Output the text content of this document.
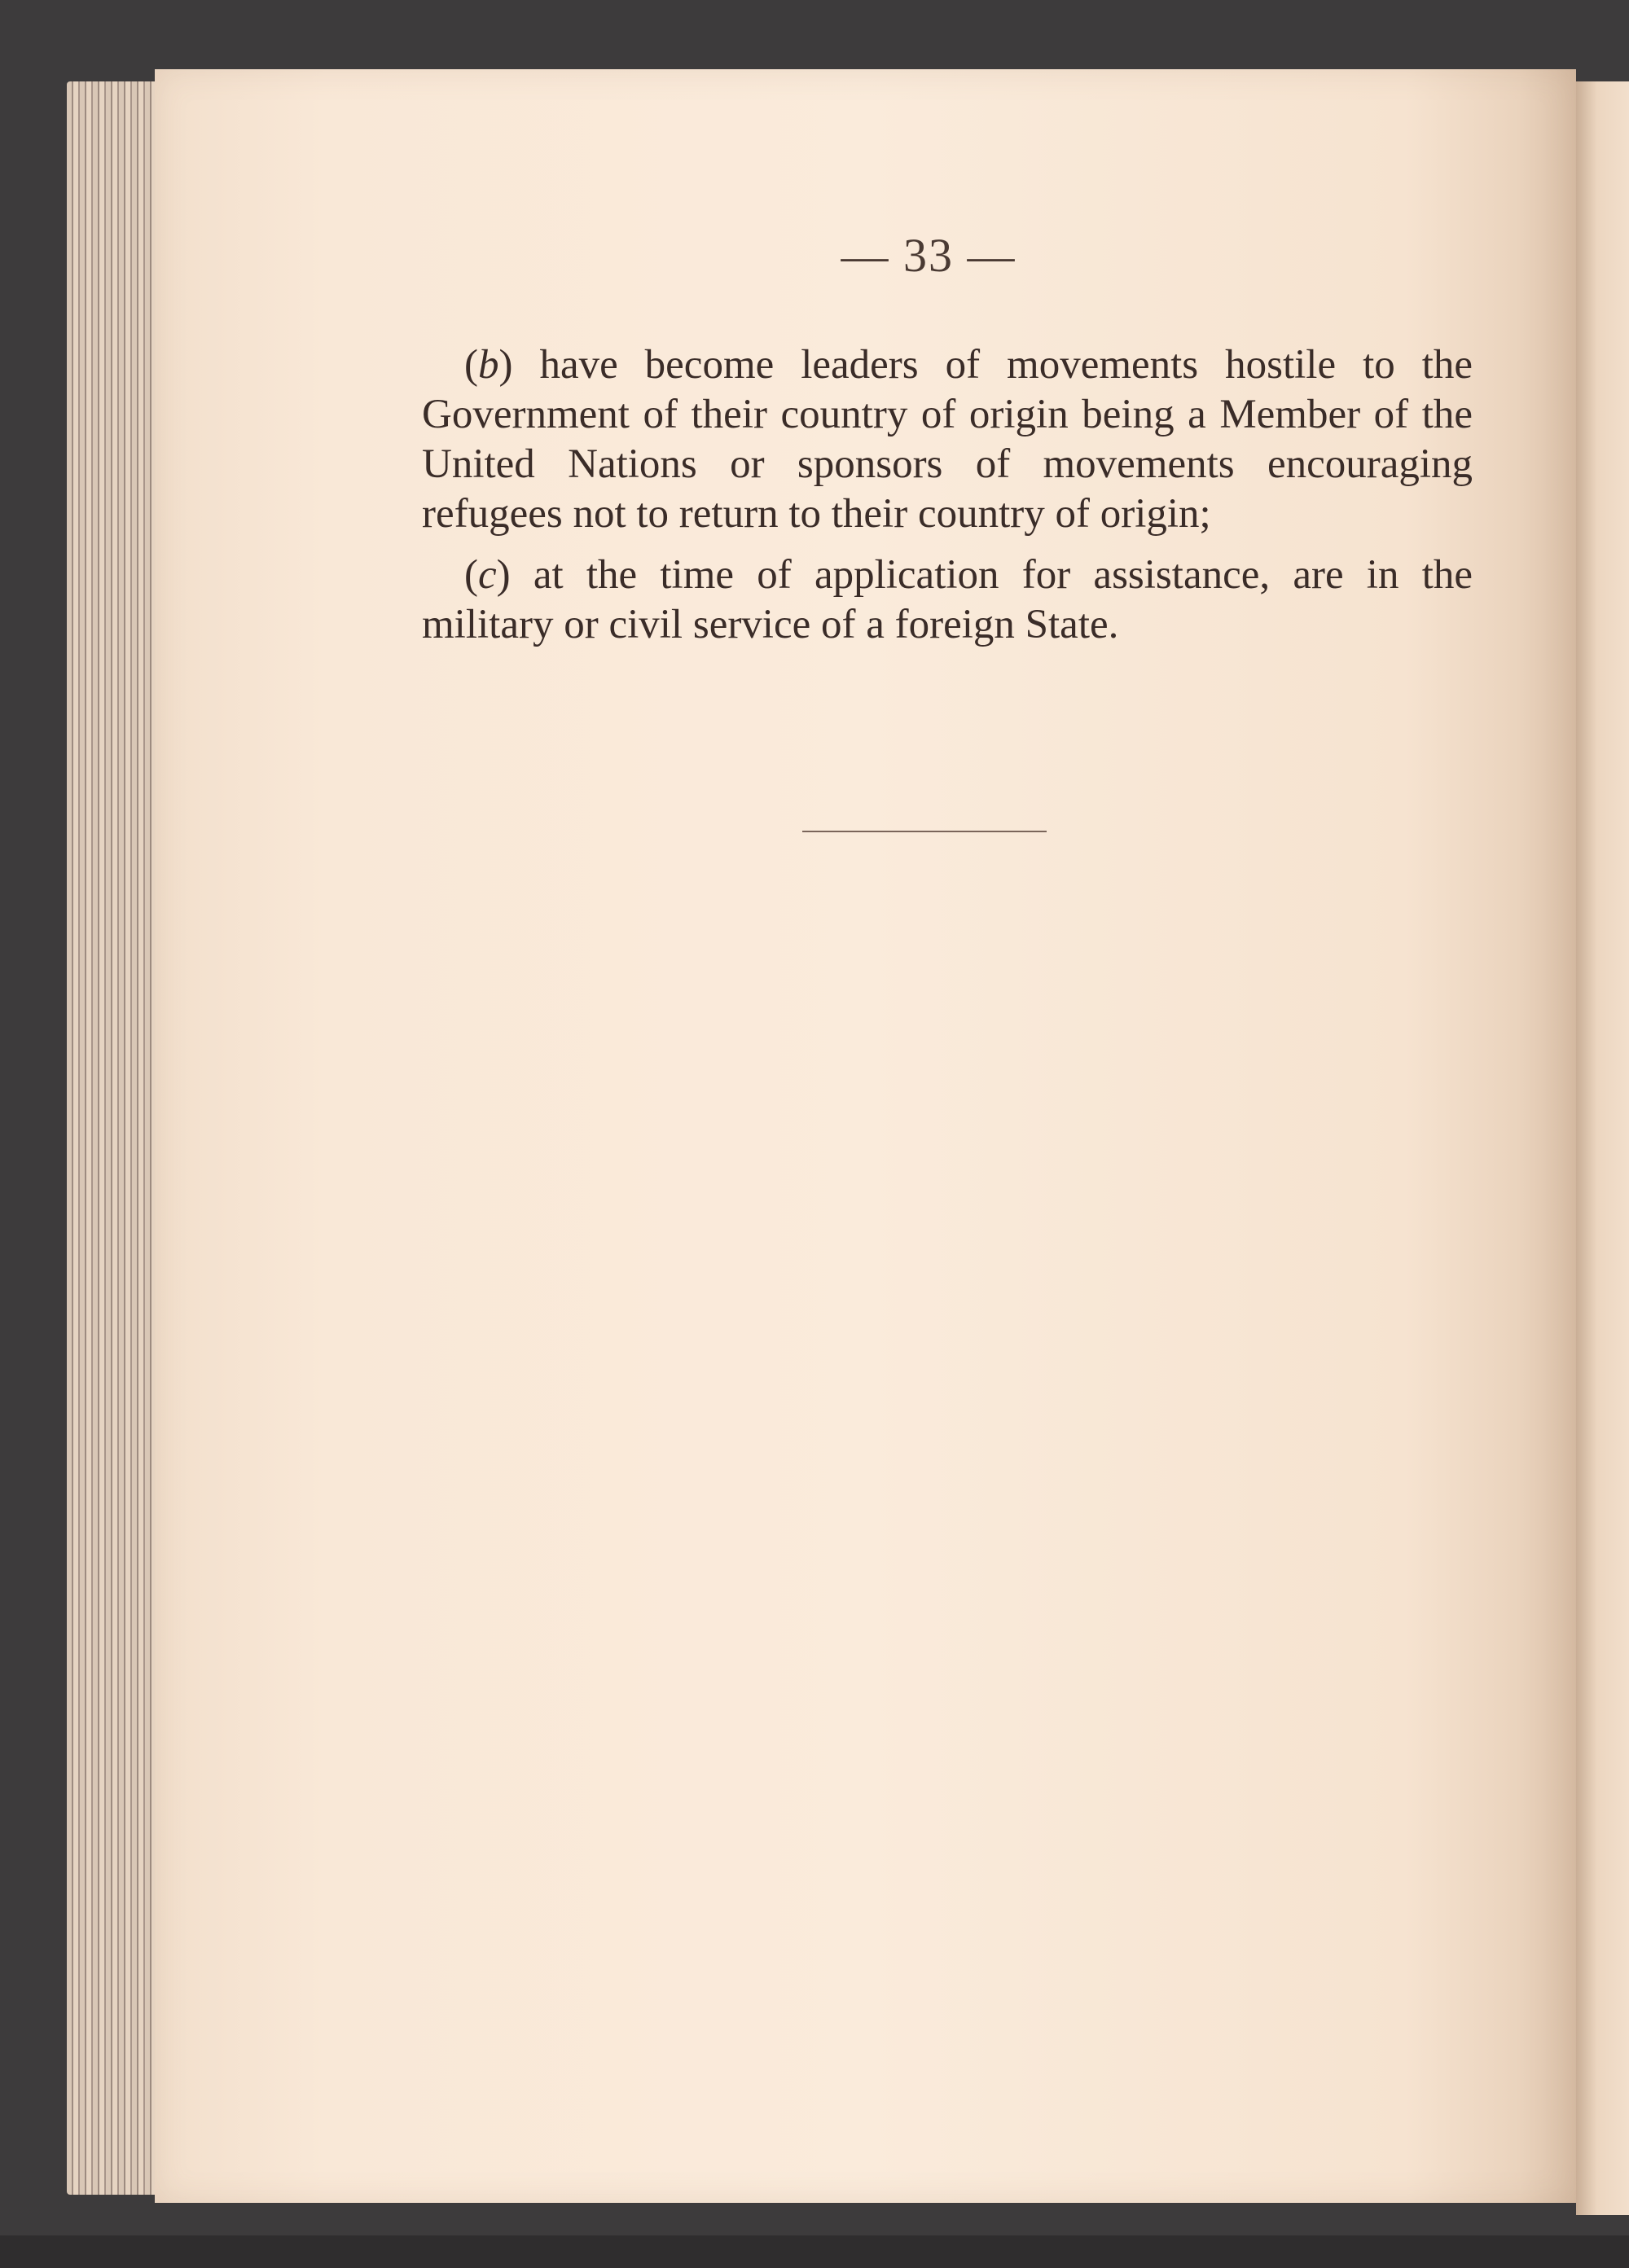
— 33 —

(b) have become leaders of movements hostile to the Government of their country of origin being a Member of the United Nations or sponsors of movements encouraging refugees not to return to their country of origin;

(c) at the time of application for assistance, are in the military or civil service of a foreign State.
